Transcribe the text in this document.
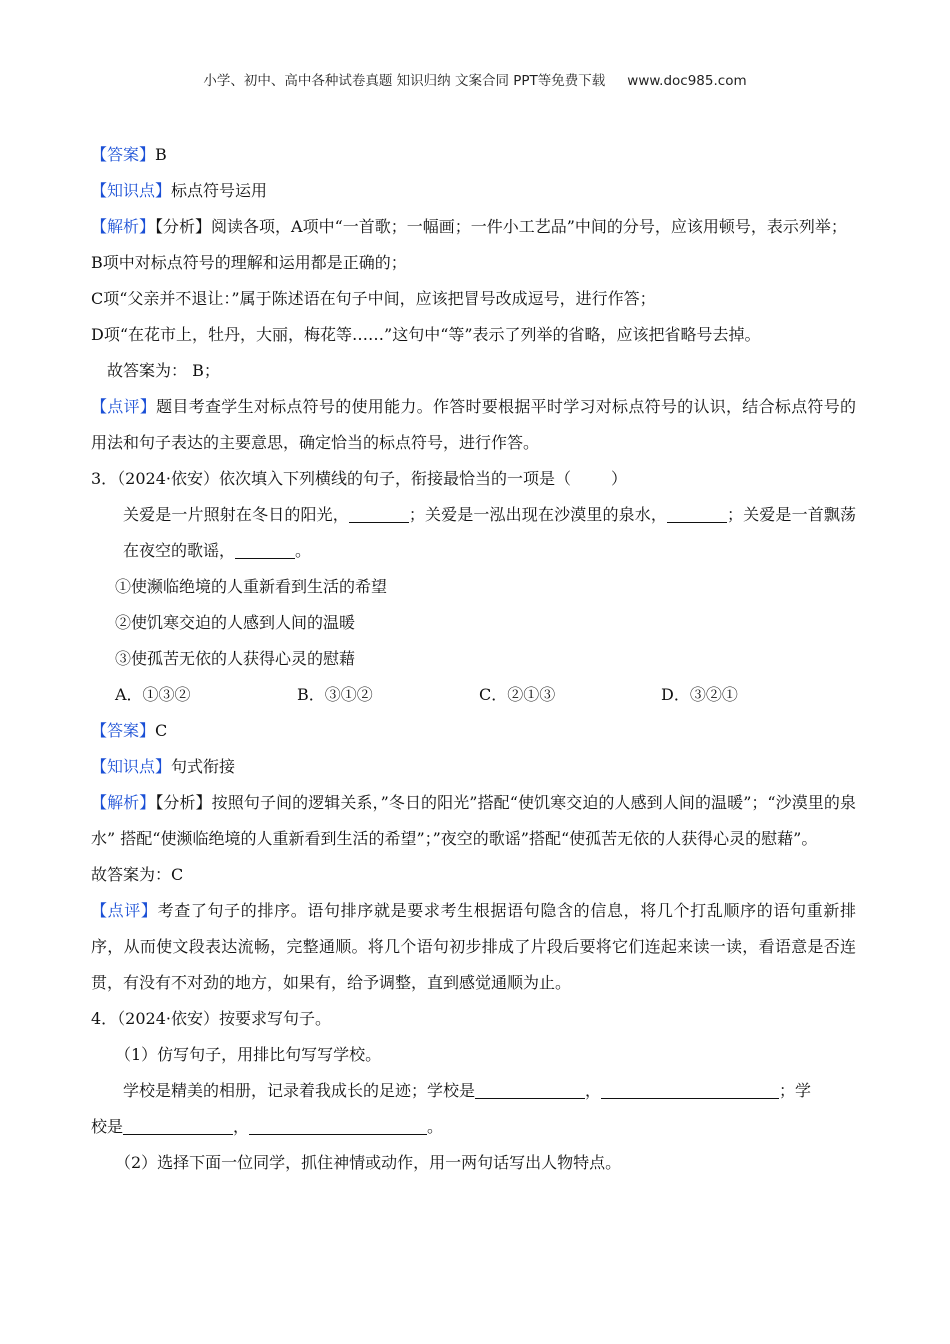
小学、初中、高中各种试卷真题 知识归纳 文案合同 PPT等免费下载 www.doc985.com
【答案】B
【知识点】标点符号运用
【解析】【分析】阅读各项，A项中“一首歌；一幅画；一件小工艺品”中间的分号，应该用顿号，表示列举；
B项中对标点符号的理解和运用都是正确的；
C项“父亲并不退让：”属于陈述语在句子中间，应该把冒号改成逗号，进行作答；
D项“在花市上，牡丹，大丽，梅花等……”这句中“等”表示了列举的省略，应该把省略号去掉。
故答案为： B；
【点评】题目考查学生对标点符号的使用能力。作答时要根据平时学习对标点符号的认识，结合标点符号的用法和句子表达的主要意思，确定恰当的标点符号，进行作答。
3．（2024·依安）依次填入下列横线的句子，衔接最恰当的一项是（	）
关爱是一片照射在冬日的阳光，	；关爱是一泓出现在沙漠里的泉水，	；关爱是一首飘荡在夜空的歌谣，	。
①使濒临绝境的人重新看到生活的希望
②使饥寒交迫的人感到人间的温暖
③使孤苦无依的人获得心灵的慰藉
A．①③②	B．③①②	C．②①③	D．③②①
【答案】C
【知识点】句式衔接
【解析】【分析】按照句子间的逻辑关系，”冬日的阳光”搭配“使饥寒交迫的人感到人间的温暖”；“沙漠里的泉水” 搭配“使濒临绝境的人重新看到生活的希望”；”夜空的歌谣”搭配“使孤苦无依的人获得心灵的慰藉”。
故答案为：C
【点评】考查了句子的排序。语句排序就是要求考生根据语句隐含的信息，将几个打乱顺序的语句重新排序，从而使文段表达流畅，完整通顺。将几个语句初步排成了片段后要将它们连起来读一读，看语意是否连贯，有没有不对劲的地方，如果有，给予调整，直到感觉通顺为止。
4．（2024·依安）按要求写句子。
（1）仿写句子，用排比句写写学校。
学校是精美的相册，记录着我成长的足迹；学校是	，	；学
校是	，	。
（2）选择下面一位同学，抓住神情或动作，用一两句话写出人物特点。
